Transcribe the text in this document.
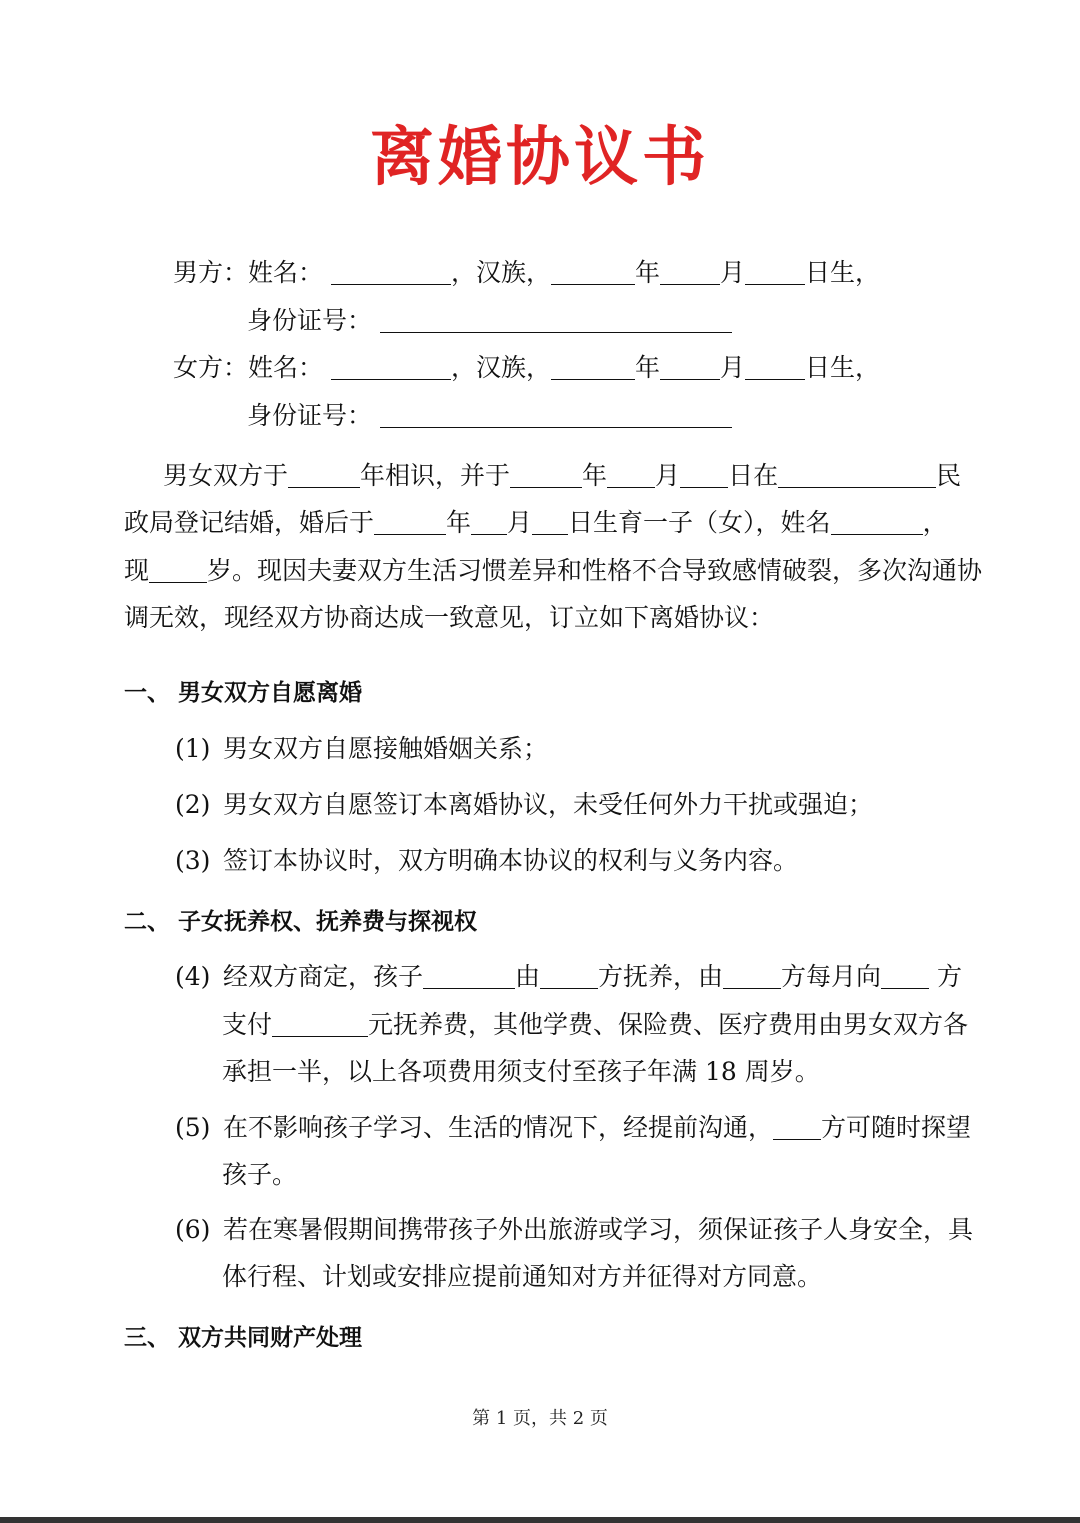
离婚协议书
男方：姓名：	，汉族，	年 月 日生，
身份证号：
女方：姓名：	，汉族，	年 月 日生，
身份证号：
男女双方于	年相识，并于	年 月 日在	民
政局登记结婚，婚后于	年 月 日生育一子（女），姓名	，
现 岁。现因夫妻双方生活习惯差异和性格不合导致感情破裂，多次沟通协
调无效，现经双方协商达成一致意见，订立如下离婚协议：
一、 男女双方自愿离婚
(1) 男女双方自愿接触婚姻关系；
(2) 男女双方自愿签订本离婚协议，未受任何外力干扰或强迫；
(3) 签订本协议时，双方明确本协议的权利与义务内容。
二、 子女抚养权、抚养费与探视权
(4) 经双方商定，孩子	由 方抚养，由 方每月向 方
支付	元抚养费，其他学费、保险费、医疗费用由男女双方各
承担一半，以上各项费用须支付至孩子年满 18 周岁。
(5) 在不影响孩子学习、生活的情况下，经提前沟通， 方可随时探望
孩子。
(6) 若在寒暑假期间携带孩子外出旅游或学习，须保证孩子人身安全，具
体行程、计划或安排应提前通知对方并征得对方同意。
三、 双方共同财产处理
第 1 页，共 2 页
